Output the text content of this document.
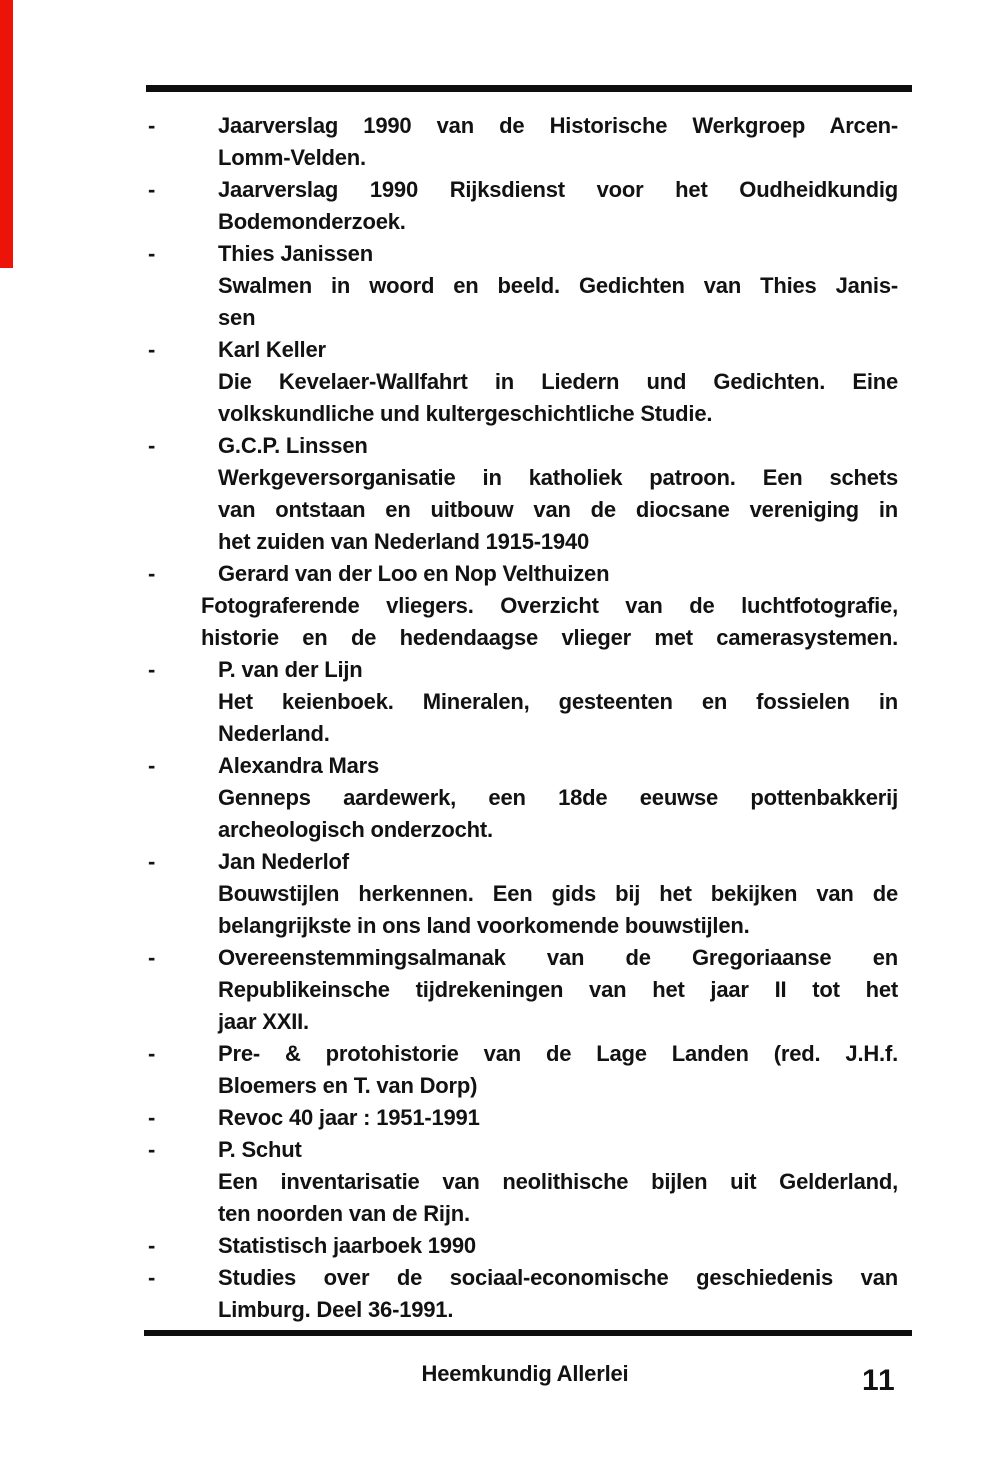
-	Jaarverslag 1990 van de Historische Werkgroep Arcen-
Lomm-Velden.
-	Jaarverslag 1990 Rijksdienst voor het Oudheidkundig
Bodemonderzoek.
-	Thies Janissen
Swalmen in woord en beeld. Gedichten van Thies Janis-
sen
-	Karl Keller
Die Kevelaer-Wallfahrt in Liedern und Gedichten. Eine
volkskundliche und kultergeschichtliche Studie.
-	G.C.P. Linssen
Werkgeversorganisatie in katholiek patroon. Een schets
van ontstaan en uitbouw van de diocsane vereniging in
het zuiden van Nederland 1915-1940
-	Gerard van der Loo en Nop Velthuizen
Fotograferende vliegers. Overzicht van de luchtfotografie,
historie en de hedendaagse vlieger met camerasystemen.
-	P. van der Lijn
Het keienboek. Mineralen, gesteenten en fossielen in
Nederland.
-	Alexandra Mars
Genneps aardewerk, een 18de eeuwse pottenbakkerij
archeologisch onderzocht.
-	Jan Nederlof
Bouwstijlen herkennen. Een gids bij het bekijken van de
belangrijkste in ons land voorkomende bouwstijlen.
-	Overeenstemmingsalmanak van de Gregoriaanse en
Republikeinsche tijdrekeningen van het jaar II tot het
jaar XXII.
-	Pre- & protohistorie van de Lage Landen (red. J.H.f.
Bloemers en T. van Dorp)
-	Revoc 40 jaar : 1951-1991
-	P. Schut
Een inventarisatie van neolithische bijlen uit Gelderland,
ten noorden van de Rijn.
-	Statistisch jaarboek 1990
-	Studies over de sociaal-economische geschiedenis van
Limburg. Deel 36-1991.
Heemkundig Allerlei	11
